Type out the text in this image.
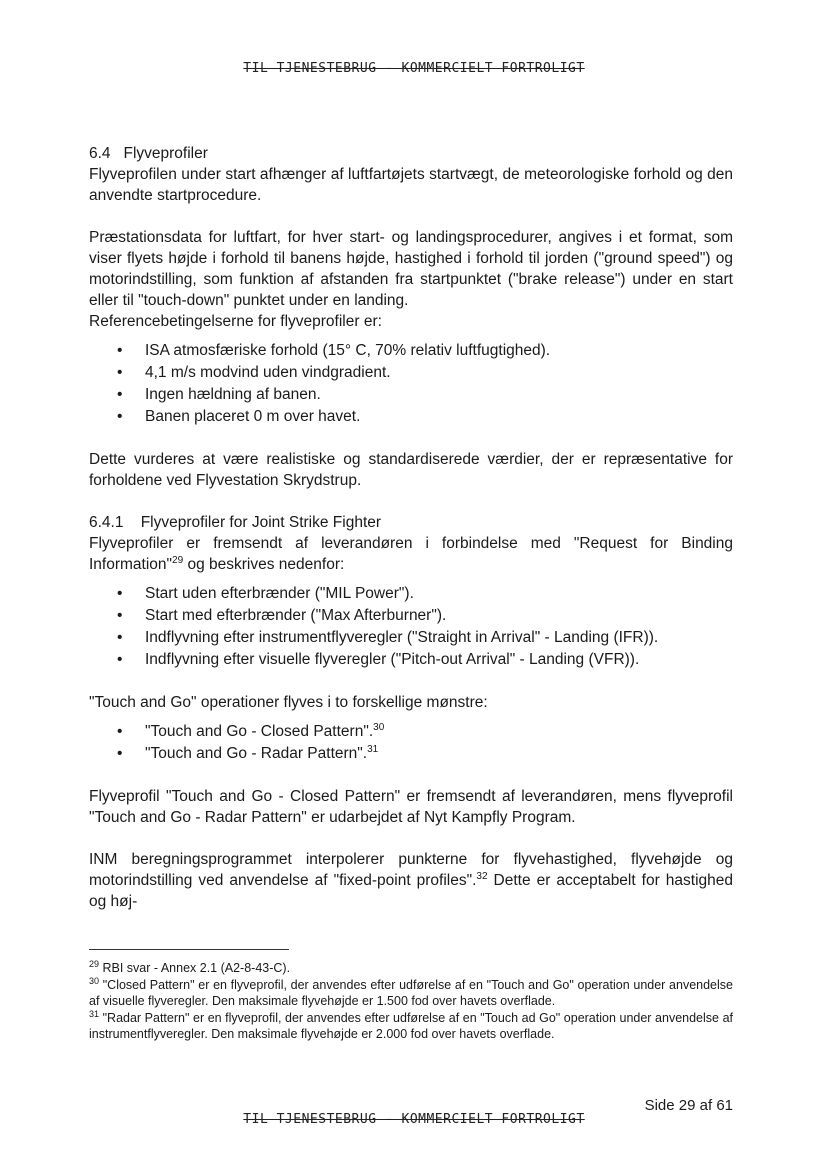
TIL TJENESTEBRUG - KOMMERCIELT FORTROLIGT

6.4 Flyveprofiler

Flyveprofilen under start afhænger af luftfartøjets startvægt, de meteorologiske forhold og den anvendte startprocedure.

Præstationsdata for luftfart, for hver start- og landingsprocedurer, angives i et format, som viser flyets højde i forhold til banens højde, hastighed i forhold til jorden ("ground speed") og motorindstilling, som funktion af afstanden fra startpunktet ("brake release") under en start eller til "touch-down" punktet under en landing.

Referencebetingelserne for flyveprofiler er:

• ISA atmosfæriske forhold (15° C, 70% relativ luftfugtighed).
• 4,1 m/s modvind uden vindgradient.
• Ingen hældning af banen.
• Banen placeret 0 m over havet.

Dette vurderes at være realistiske og standardiserede værdier, der er repræsentative for forholdene ved Flyvestation Skrydstrup.

6.4.1 Flyveprofiler for Joint Strike Fighter

Flyveprofiler er fremsendt af leverandøren i forbindelse med "Request for Binding Information"$^{29}$ og beskrives nedenfor:

• Start uden efterbrænder ("MIL Power").
• Start med efterbrænder ("Max Afterburner").
• Indflyvning efter instrumentflyveregler ("Straight in Arrival" - Landing (IFR)).
• Indflyvning efter visuelle flyveregler ("Pitch-out Arrival" - Landing (VFR)).

"Touch and Go" operationer flyves i to forskellige mønstre:

• "Touch and Go - Closed Pattern".$^{30}$
• "Touch and Go - Radar Pattern".$^{31}$

Flyveprofil "Touch and Go - Closed Pattern" er fremsendt af leverandøren, mens flyveprofil "Touch and Go - Radar Pattern" er udarbejdet af Nyt Kampfly Program.

INM beregningsprogrammet interpolerer punkterne for flyvehastighed, flyvehøjde og motorindstilling ved anvendelse af "fixed-point profiles".$^{32}$ Dette er acceptabelt for hastighed og høj-

$^{29}$ RBI svar - Annex 2.1 (A2-8-43-C).

$^{30}$ "Closed Pattern" er en flyveprofil, der anvendes efter udførelse af en "Touch and Go" operation under anvendelse af visuelle flyveregler. Den maksimale flyvehøjde er 1.500 fod over havets overflade.

$^{31}$ "Radar Pattern" er en flyveprofil, der anvendes efter udførelse af en "Touch ad Go" operation under anvendelse af instrumentflyveregler. Den maksimale flyvehøjde er 2.000 fod over havets overflade.

Side 29 af 61
TIL TJENESTEBRUG - KOMMERCIELT FORTROLIGT
